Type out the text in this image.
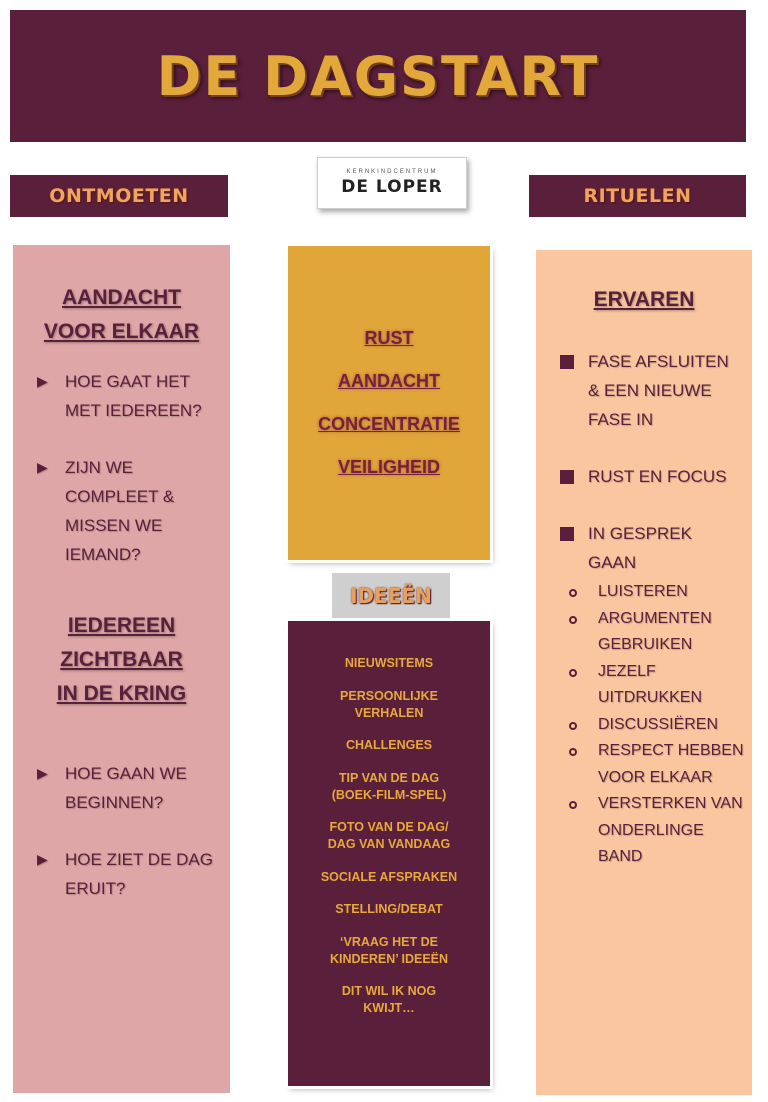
DE DAGSTART
ONTMOETEN
KERNKINDCENTRUM
DE LOPER	RITUELEN
AANDACHT
VOOR ELKAAR
▶ HOE GAAT HET MET IEDEREEN?
▶ ZIJN WE COMPLEET & MISSEN WE IEMAND?
IEDEREEN
ZICHTBAAR
IN DE KRING
▶ HOE GAAN WE BEGINNEN?
▶ HOE ZIET DE DAG ERUIT?
RUST
AANDACHT
CONCENTRATIE
VEILIGHEID
IDEEËN
NIEUWSITEMS
PERSOONLIJKE VERHALEN
CHALLENGES
TIP VAN DE DAG (BOEK-FILM-SPEL)
FOTO VAN DE DAG/ DAG VAN VANDAAG
SOCIALE AFSPRAKEN
STELLING/DEBAT
‘VRAAG HET DE KINDEREN’ IDEEËN
DIT WIL IK NOG KWIJT…
ERVAREN
FASE AFSLUITEN & EEN NIEUWE FASE IN
RUST EN FOCUS
IN GESPREK GAAN
LUISTEREN
ARGUMENTEN GEBRUIKEN
JEZELF UITDRUKKEN
DISCUSSIËREN
RESPECT HEBBEN VOOR ELKAAR
VERSTERKEN VAN ONDERLINGE BAND
